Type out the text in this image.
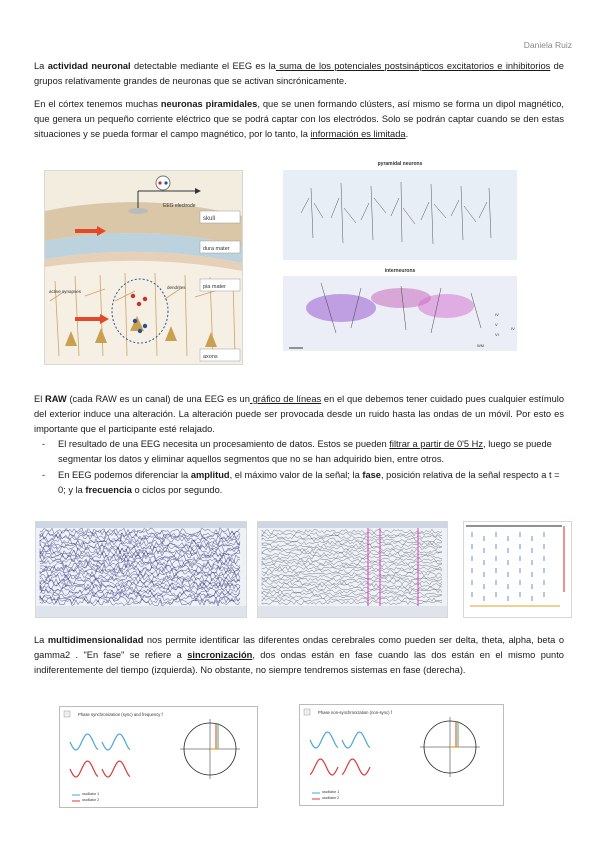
Daniela Ruiz
La actividad neuronal detectable mediante el EEG es la suma de los potenciales postsinápticos excitatorios e inhibitorios de grupos relativamente grandes de neuronas que se activan sincrónicamente.
En el córtex tenemos muchas neuronas piramidales, que se unen formando clústers, así mismo se forma un dipol magnético, que genera un pequeño corriente eléctrico que se podrá captar con los electródos. Solo se podrán captar cuando se den estas situaciones y se pueda formar el campo magnético, por lo tanto, la información es limitada.
EEG electrode
skull
dura mater
pia mater
axons
active synapses
dendrites
pyramidal neurons
interneurons
IV
V
VI
IV
WM
El RAW (cada RAW es un canal) de una EEG es un gráfico de líneas en el que debemos tener cuidado pues cualquier estímulo del exterior induce una alteración. La alteración puede ser provocada desde un ruido hasta las ondas de un móvil. Por esto es importante que el participante esté relajado.
- El resultado de una EEG necesita un procesamiento de datos. Estos se pueden filtrar a partir de 0'5 Hz, luego se puede segmentar los datos y eliminar aquellos segmentos que no se han adquirido bien, entre otros.
- En EEG podemos diferenciar la amplitud, el máximo valor de la señal; la fase, posición relativa de la señal respecto a t = 0; y la frecuencia o ciclos por segundo.
La multidimensionalidad nos permite identificar las diferentes ondas cerebrales como pueden ser delta, theta, alpha, beta o gamma2 . "En fase" se refiere a sincronización, dos ondas están en fase cuando las dos están en el mismo punto indiferentemente del tiempo (izquierda). No obstante, no siempre tendremos sistemas en fase (derecha).
Phase synchronization (sync) and frequency f
oscillator 1
oscillator 2
Phase non-synchronization (non-sync) f
oscillator 1
oscillator 2
